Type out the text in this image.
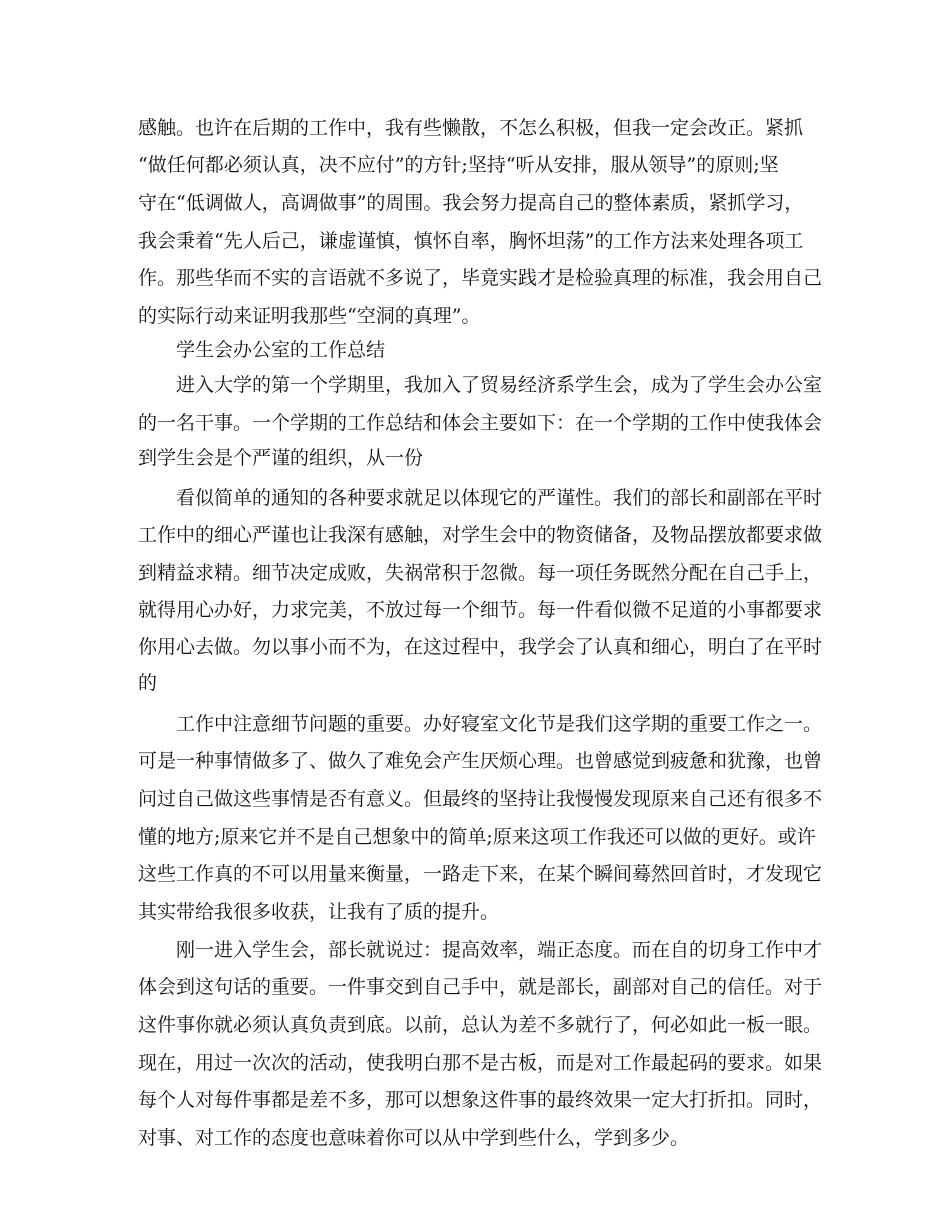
感触。也许在后期的工作中，我有些懒散，不怎么积极，但我一定会改正。紧抓
“做任何都必须认真，决不应付”的方针;坚持“听从安排，服从领导”的原则;坚
守在“低调做人，高调做事”的周围。我会努力提高自己的整体素质，紧抓学习，
我会秉着“先人后己，谦虚谨慎，慎怀自率，胸怀坦荡”的工作方法来处理各项工
作。那些华而不实的言语就不多说了，毕竟实践才是检验真理的标准，我会用自己
的实际行动来证明我那些“空洞的真理”。
学生会办公室的工作总结
进入大学的第一个学期里，我加入了贸易经济系学生会，成为了学生会办公室
的一名干事。一个学期的工作总结和体会主要如下：在一个学期的工作中使我体会
到学生会是个严谨的组织，从一份
看似简单的通知的各种要求就足以体现它的严谨性。我们的部长和副部在平时
工作中的细心严谨也让我深有感触，对学生会中的物资储备，及物品摆放都要求做
到精益求精。细节决定成败，失祸常积于忽微。每一项任务既然分配在自己手上，
就得用心办好，力求完美，不放过每一个细节。每一件看似微不足道的小事都要求
你用心去做。勿以事小而不为，在这过程中，我学会了认真和细心，明白了在平时
的
工作中注意细节问题的重要。办好寝室文化节是我们这学期的重要工作之一。
可是一种事情做多了、做久了难免会产生厌烦心理。也曾感觉到疲惫和犹豫，也曾
问过自己做这些事情是否有意义。但最终的坚持让我慢慢发现原来自己还有很多不
懂的地方;原来它并不是自己想象中的简单;原来这项工作我还可以做的更好。或许
这些工作真的不可以用量来衡量，一路走下来，在某个瞬间蓦然回首时，才发现它
其实带给我很多收获，让我有了质的提升。
刚一进入学生会，部长就说过：提高效率，端正态度。而在自的切身工作中才
体会到这句话的重要。一件事交到自己手中，就是部长，副部对自己的信任。对于
这件事你就必须认真负责到底。以前，总认为差不多就行了，何必如此一板一眼。
现在，用过一次次的活动，使我明白那不是古板，而是对工作最起码的要求。如果
每个人对每件事都是差不多，那可以想象这件事的最终效果一定大打折扣。同时，
对事、对工作的态度也意味着你可以从中学到些什么，学到多少。
